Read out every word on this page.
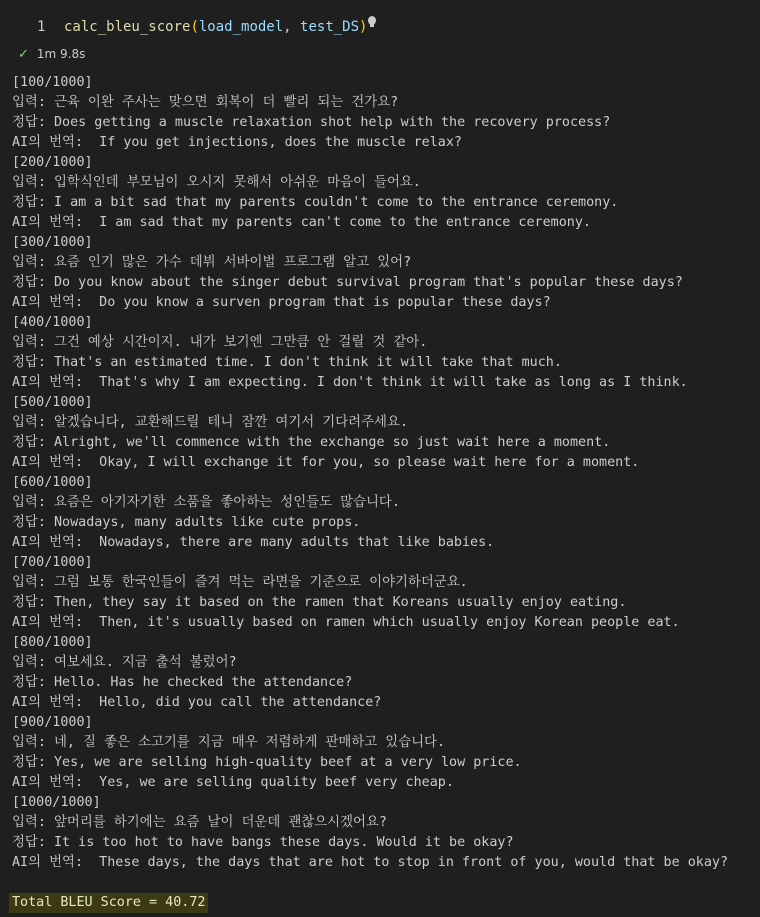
1 calc_bleu_score(load_model, test_DS)
✓ 1m 9.8s
[100/1000]
입력: 근육 이완 주사는 맞으면 회복이 더 빨리 되는 건가요?
정답: Does getting a muscle relaxation shot help with the recovery process?
AI의 번역:  If you get injections, does the muscle relax?
[200/1000]
입력: 입학식인데 부모님이 오시지 못해서 아쉬운 마음이 들어요.
정답: I am a bit sad that my parents couldn't come to the entrance ceremony.
AI의 번역:  I am sad that my parents can't come to the entrance ceremony.
[300/1000]
입력: 요즘 인기 많은 가수 데뷔 서바이벌 프로그램 알고 있어?
정답: Do you know about the singer debut survival program that's popular these days?
AI의 번역:  Do you know a surven program that is popular these days?
[400/1000]
입력: 그건 예상 시간이지. 내가 보기엔 그만큼 안 걸릴 것 같아.
정답: That's an estimated time. I don't think it will take that much.
AI의 번역:  That's why I am expecting. I don't think it will take as long as I think.
[500/1000]
입력: 알겠습니다, 교환해드릴 테니 잠깐 여기서 기다려주세요.
정답: Alright, we'll commence with the exchange so just wait here a moment.
AI의 번역:  Okay, I will exchange it for you, so please wait here for a moment.
[600/1000]
입력: 요즘은 아기자기한 소품을 좋아하는 성인들도 많습니다.
정답: Nowadays, many adults like cute props.
AI의 번역:  Nowadays, there are many adults that like babies.
[700/1000]
입력: 그럼 보통 한국인들이 즐겨 먹는 라면을 기준으로 이야기하더군요.
정답: Then, they say it based on the ramen that Koreans usually enjoy eating.
AI의 번역:  Then, it's usually based on ramen which usually enjoy Korean people eat.
[800/1000]
입력: 여보세요. 지금 출석 불렀어?
정답: Hello. Has he checked the attendance?
AI의 번역:  Hello, did you call the attendance?
[900/1000]
입력: 네, 질 좋은 소고기를 지금 매우 저렴하게 판매하고 있습니다.
정답: Yes, we are selling high-quality beef at a very low price.
AI의 번역:  Yes, we are selling quality beef very cheap.
[1000/1000]
입력: 앞머리를 하기에는 요즘 날이 더운데 괜찮으시겠어요?
정답: It is too hot to have bangs these days. Would it be okay?
AI의 번역:  These days, the days that are hot to stop in front of you, would that be okay?
Total BLEU Score = 40.72
